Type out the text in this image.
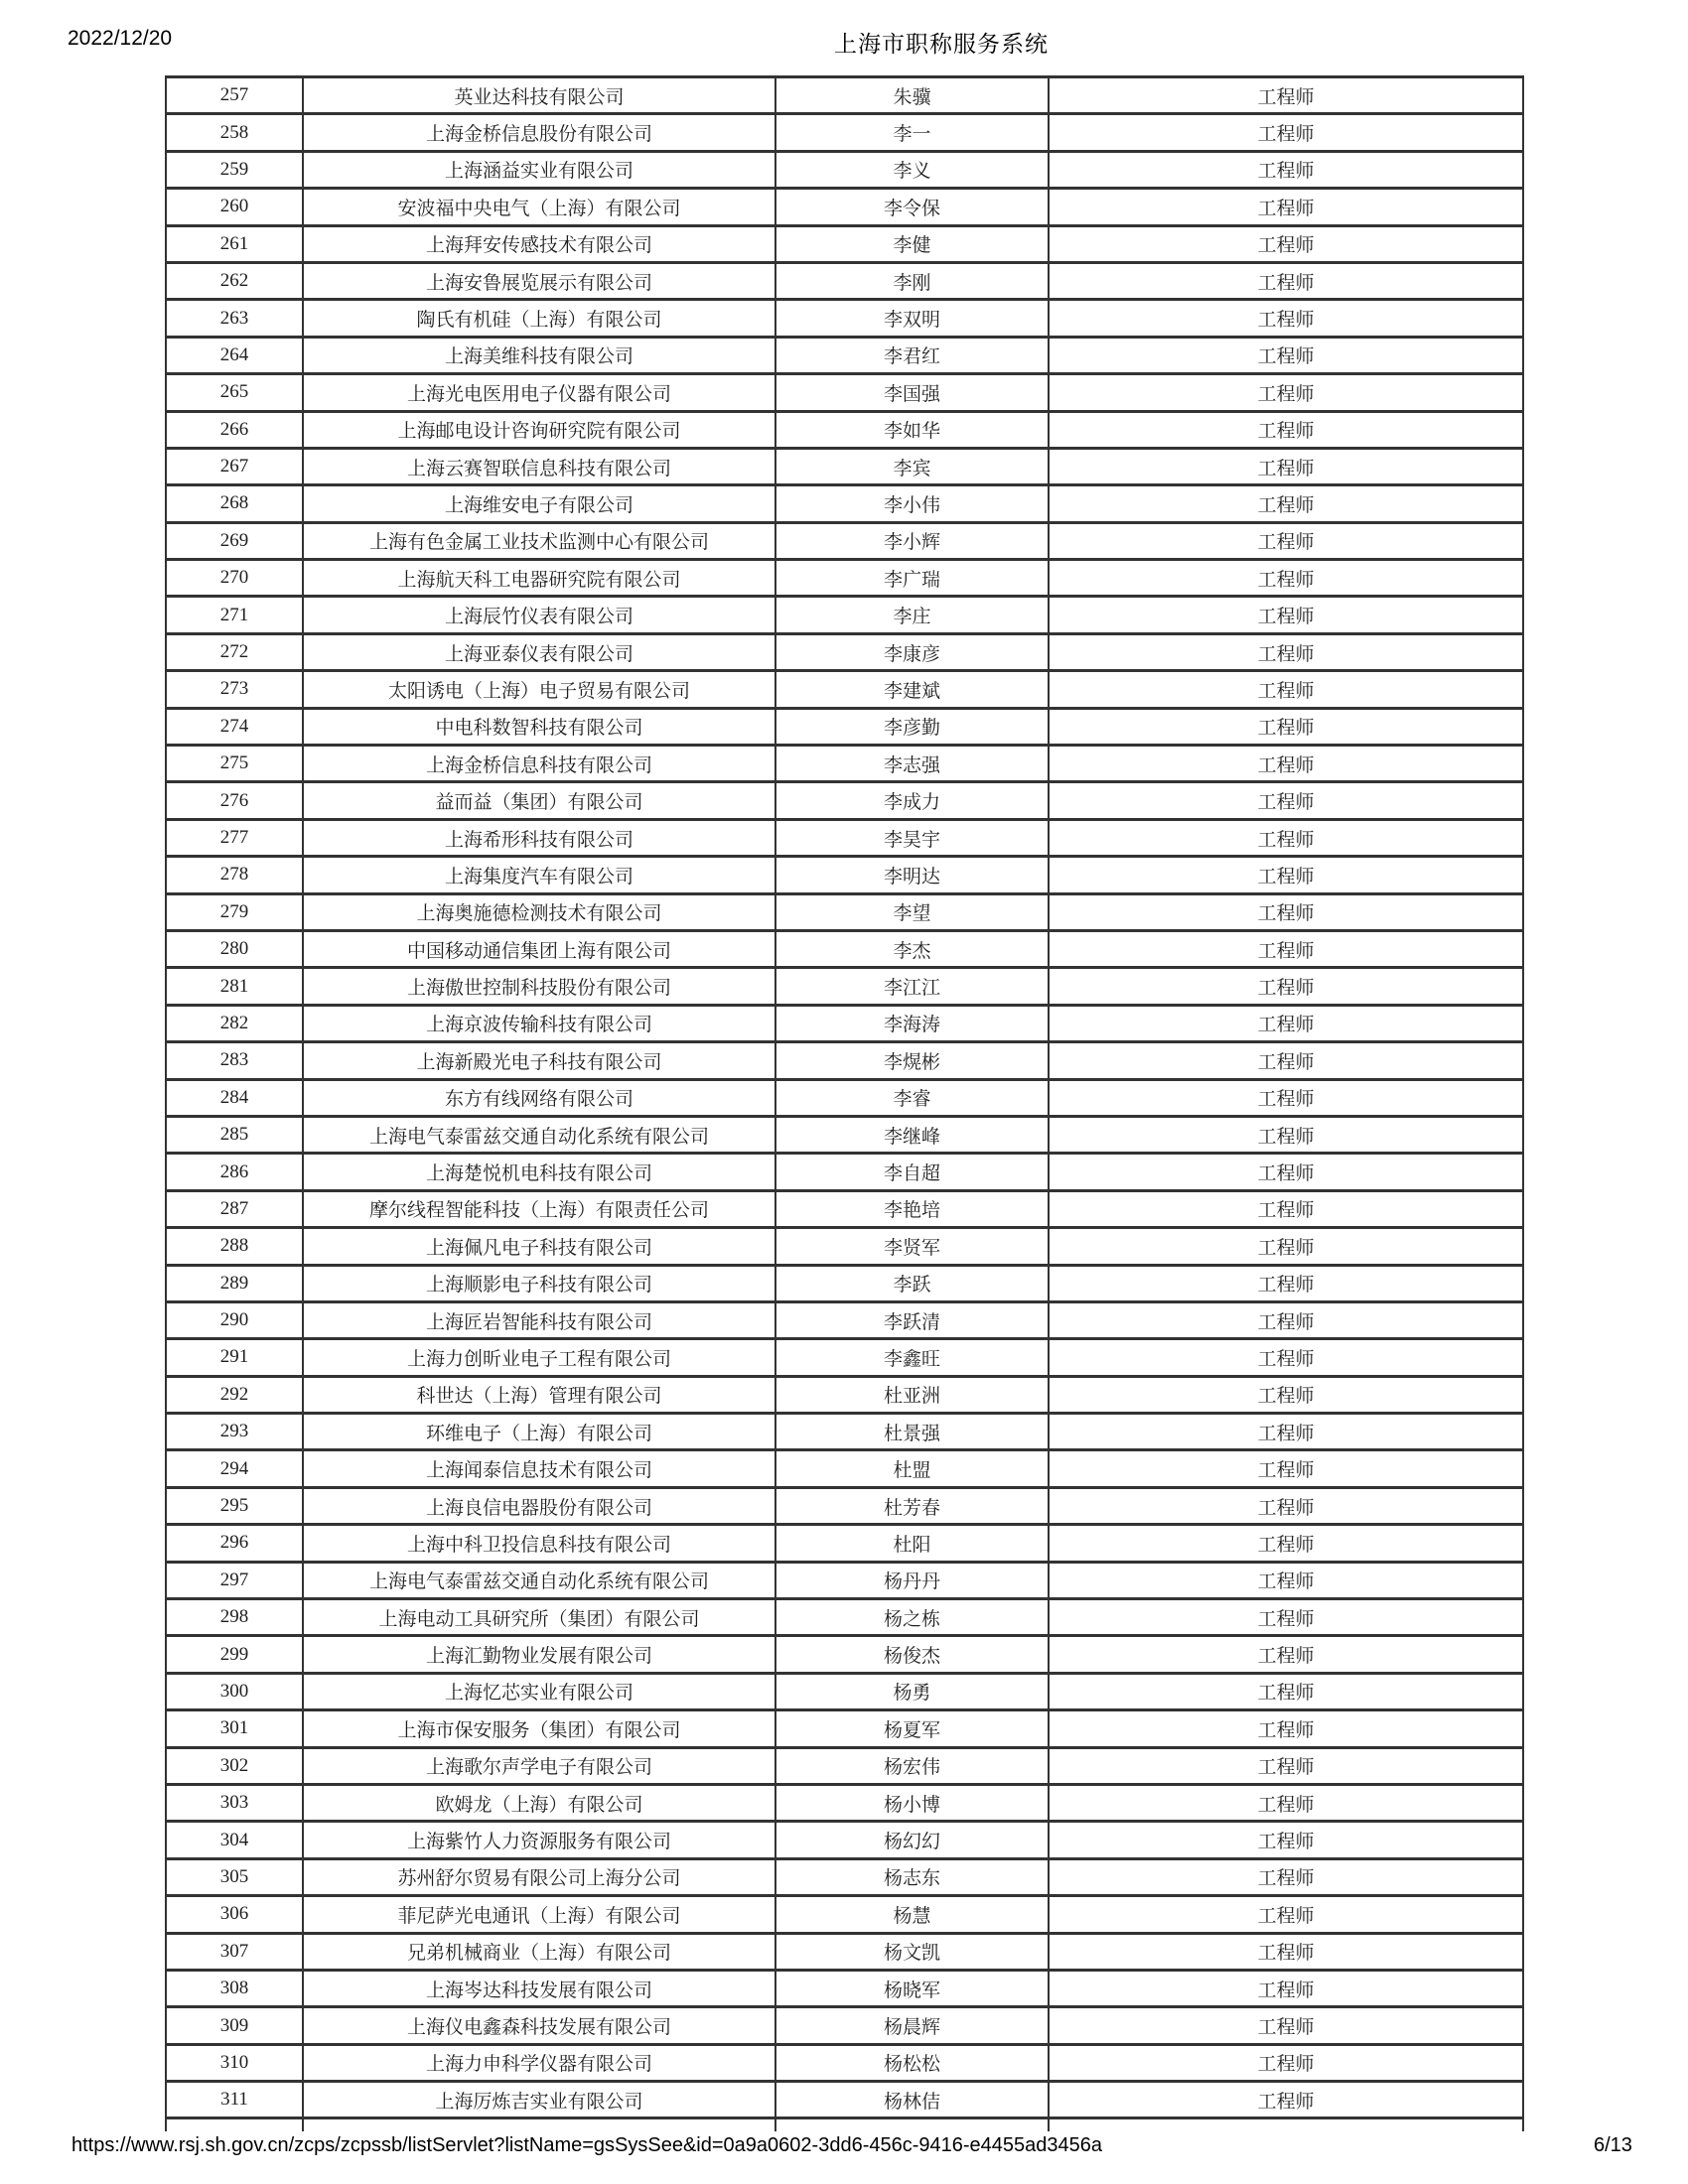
2022/12/20	上海市职称服务系统
257	英业达科技有限公司	朱骥	工程师
258	上海金桥信息股份有限公司	李一	工程师
259	上海涵益实业有限公司	李义	工程师
260	安波福中央电气（上海）有限公司	李令保	工程师
261	上海拜安传感技术有限公司	李健	工程师
262	上海安鲁展览展示有限公司	李刚	工程师
263	陶氏有机硅（上海）有限公司	李双明	工程师
264	上海美维科技有限公司	李君红	工程师
265	上海光电医用电子仪器有限公司	李国强	工程师
266	上海邮电设计咨询研究院有限公司	李如华	工程师
267	上海云赛智联信息科技有限公司	李宾	工程师
268	上海维安电子有限公司	李小伟	工程师
269	上海有色金属工业技术监测中心有限公司	李小辉	工程师
270	上海航天科工电器研究院有限公司	李广瑞	工程师
271	上海辰竹仪表有限公司	李庄	工程师
272	上海亚泰仪表有限公司	李康彦	工程师
273	太阳诱电（上海）电子贸易有限公司	李建斌	工程师
274	中电科数智科技有限公司	李彦勤	工程师
275	上海金桥信息科技有限公司	李志强	工程师
276	益而益（集团）有限公司	李成力	工程师
277	上海希形科技有限公司	李昊宇	工程师
278	上海集度汽车有限公司	李明达	工程师
279	上海奥施德检测技术有限公司	李望	工程师
280	中国移动通信集团上海有限公司	李杰	工程师
281	上海傲世控制科技股份有限公司	李江江	工程师
282	上海京波传输科技有限公司	李海涛	工程师
283	上海新殿光电子科技有限公司	李熀彬	工程师
284	东方有线网络有限公司	李睿	工程师
285	上海电气泰雷兹交通自动化系统有限公司	李继峰	工程师
286	上海楚悦机电科技有限公司	李自超	工程师
287	摩尔线程智能科技（上海）有限责任公司	李艳培	工程师
288	上海佩凡电子科技有限公司	李贤军	工程师
289	上海顺影电子科技有限公司	李跃	工程师
290	上海匠岩智能科技有限公司	李跃清	工程师
291	上海力创昕业电子工程有限公司	李鑫旺	工程师
292	科世达（上海）管理有限公司	杜亚洲	工程师
293	环维电子（上海）有限公司	杜景强	工程师
294	上海闻泰信息技术有限公司	杜盟	工程师
295	上海良信电器股份有限公司	杜芳春	工程师
296	上海中科卫投信息科技有限公司	杜阳	工程师
297	上海电气泰雷兹交通自动化系统有限公司	杨丹丹	工程师
298	上海电动工具研究所（集团）有限公司	杨之栋	工程师
299	上海汇勤物业发展有限公司	杨俊杰	工程师
300	上海忆芯实业有限公司	杨勇	工程师
301	上海市保安服务（集团）有限公司	杨夏军	工程师
302	上海歌尔声学电子有限公司	杨宏伟	工程师
303	欧姆龙（上海）有限公司	杨小博	工程师
304	上海紫竹人力资源服务有限公司	杨幻幻	工程师
305	苏州舒尔贸易有限公司上海分公司	杨志东	工程师
306	菲尼萨光电通讯（上海）有限公司	杨慧	工程师
307	兄弟机械商业（上海）有限公司	杨文凯	工程师
308	上海岑达科技发展有限公司	杨晓军	工程师
309	上海仪电鑫森科技发展有限公司	杨晨辉	工程师
310	上海力申科学仪器有限公司	杨松松	工程师
311	上海厉炼吉实业有限公司	杨林佶	工程师
https://www.rsj.sh.gov.cn/zcps/zcpssb/listServlet?listName=gsSysSee&id=0a9a0602-3dd6-456c-9416-e4455ad3456a	6/13
